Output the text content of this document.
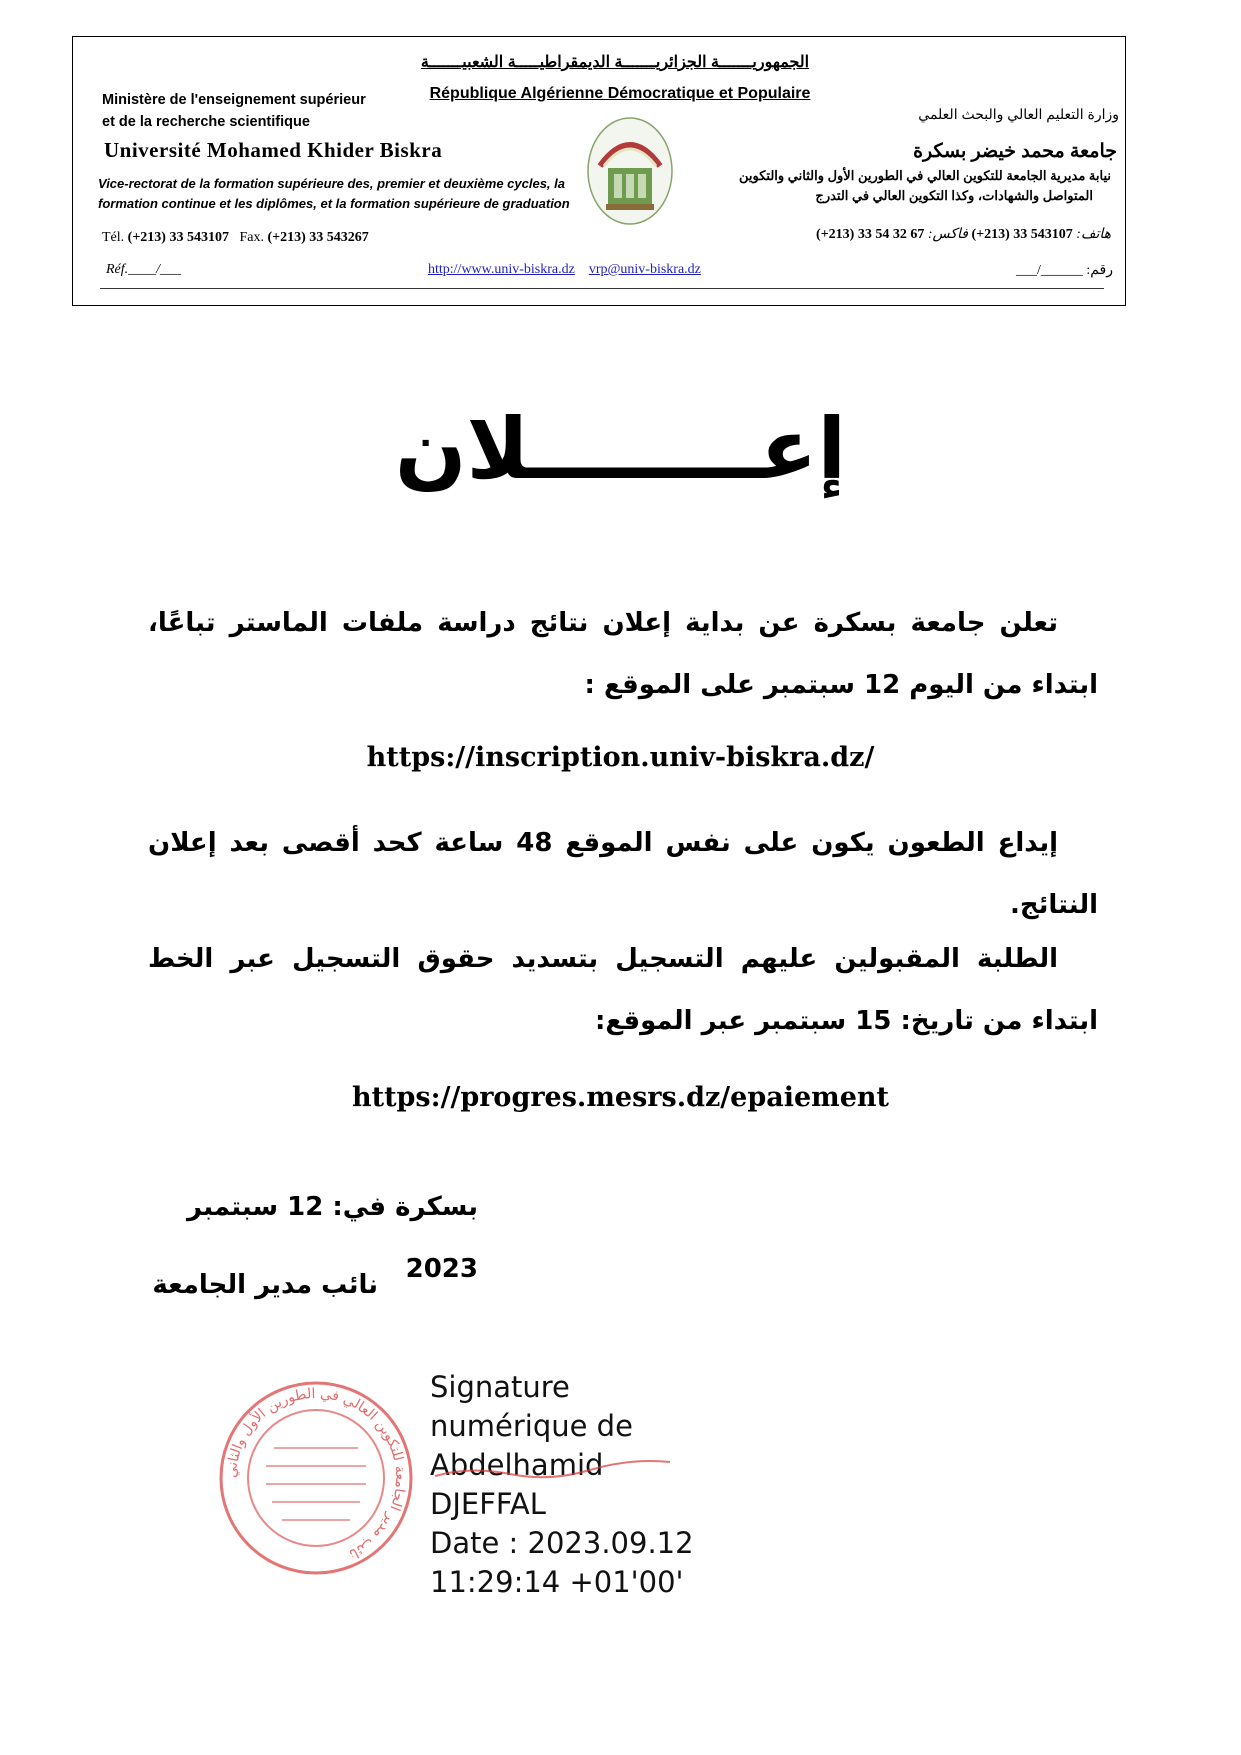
الجمهوريـــــــة الجزائريـــــــة الديمقراطيـــــة الشعبيـــــــة
République Algérienne Démocratique et Populaire
Ministère de l'enseignement supérieur
et de la recherche scientifique
Université Mohamed Khider Biskra
Vice-rectorat de la formation supérieure des, premier et deuxième cycles, la
formation continue et les diplômes, et la formation supérieure de graduation
Tél. (+213) 33 543107 Fax. (+213) 33 543267
Réf.____/___
وزارة التعليم العالي والبحث العلمي
جامعة محمد خيضر بسكرة
نيابة مديرية الجامعة للتكوين العالي في الطورين الأول والثاني والتكوين
المتواصل والشهادات، وكذا التكوين العالي في التدرج
هاتف: (+213) 33 543107 فاكس: (+213) 33 54 32 67
رقم: ______/___
http://www.univ-biskra.dz vrp@univ-biskra.dz
إعــــــــلان
تعلن جامعة بسكرة عن بداية إعلان نتائج دراسة ملفات الماستر تباعًا، ابتداء من اليوم 12 سبتمبر على الموقع :
https://inscription.univ-biskra.dz/
إيداع الطعون يكون على نفس الموقع 48 ساعة كحد أقصى بعد إعلان النتائج.
الطلبة المقبولين عليهم التسجيل بتسديد حقوق التسجيل عبر الخط ابتداء من تاريخ: 15 سبتمبر عبر الموقع:
https://progres.mesrs.dz/epaiement
بسكرة في: 12 سبتمبر 2023
نائب مدير الجامعة
نائب مدير الجامعة للتكوين العالي في الطورين الأول والثاني
Signature
numérique de
Abdelhamid
DJEFFAL
Date : 2023.09.12
11:29:14 +01'00'
